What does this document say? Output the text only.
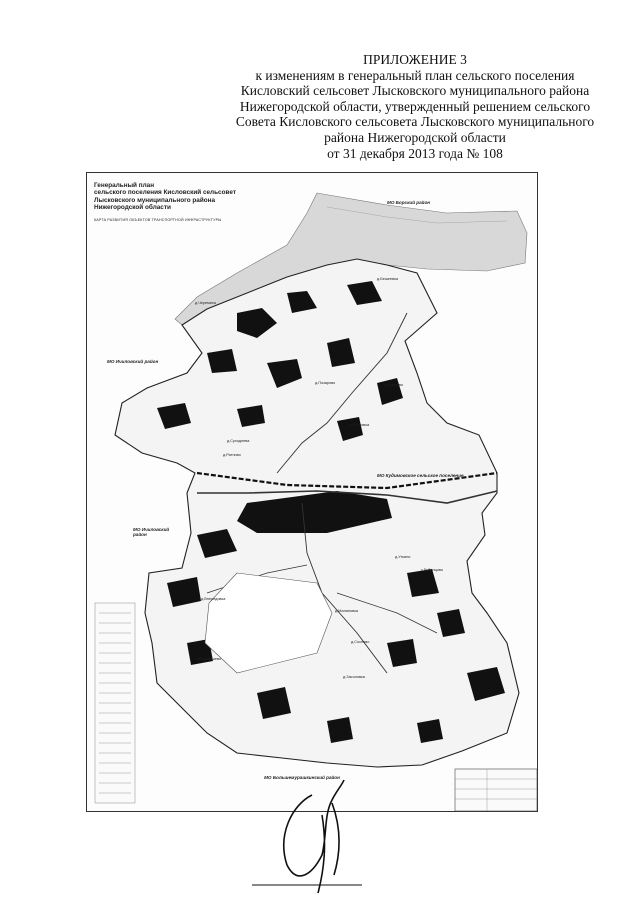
ПРИЛОЖЕНИЕ 3
к изменениям в генеральный план сельского поселения
Кисловский сельсовет Лысковского муниципального района
Нижегородской области, утвержденный решением сельского
Совета Кисловского сельсовета Лысковского муниципального
района Нижегородской области
от 31 декабря 2013 года № 108
Генеральный план
сельского поселения Кисловский сельсовет
Лысковского муниципального района
Нижегородской области
КАРТА РАЗВИТИЯ ОБЪЕКТОВ ТРАНСПОРТНОЙ ИНФРАСТРУКТУРЫ
МО Борский район
МО Ичиловский район
МО Ичиловский район
МО Кудимовское сельское поселение
МО Большемурашкинский район
д.Черемиха
д.Бешеевка
д.Позарово	д.Кислово
д.Обуховка
д.Суходнева
д.Ратново
д.Уткино
с.Бубенцово
д.Впередовка
д.Малиновка
д.Сосново
д.Засоловка
д.Курмышево
